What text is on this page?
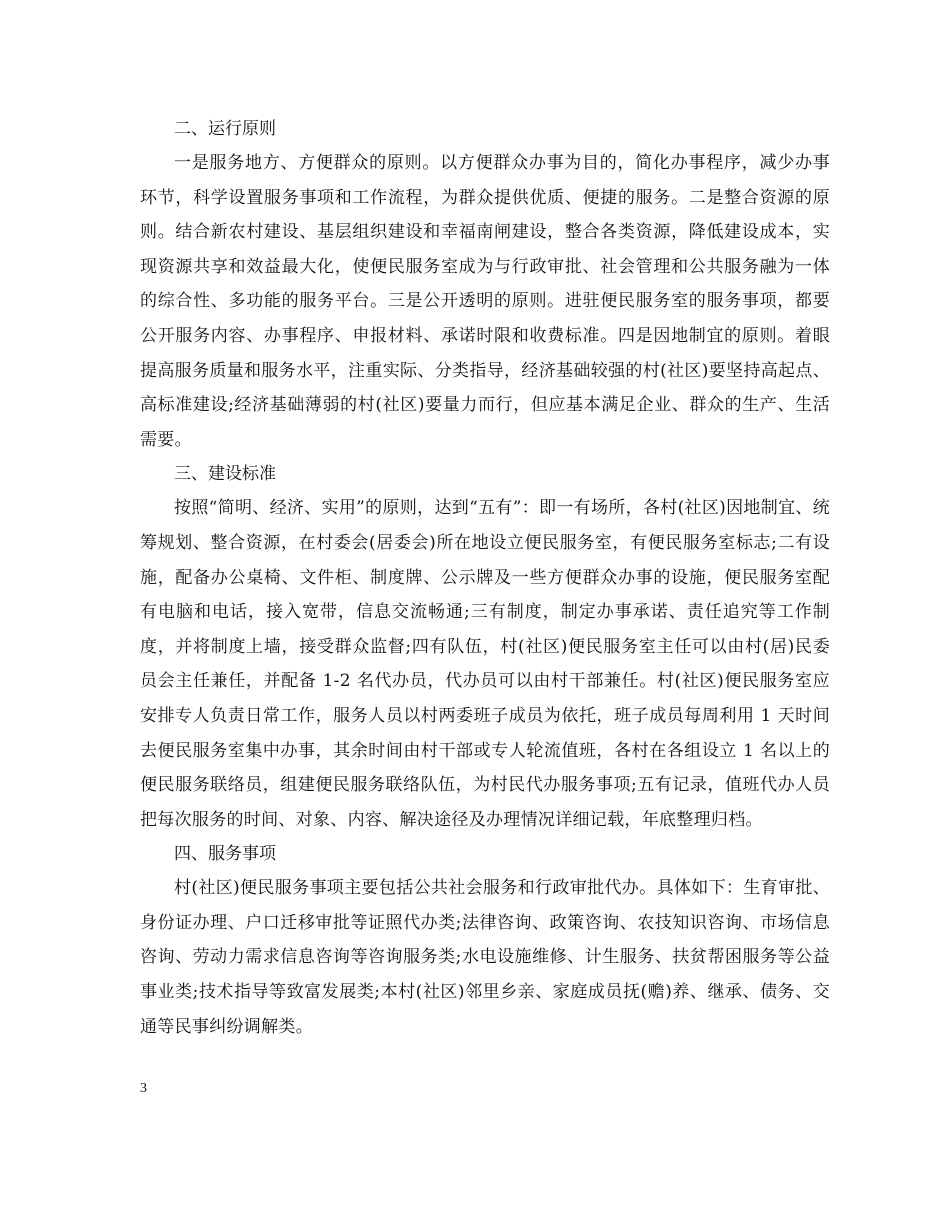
二、运行原则

一是服务地方、方便群众的原则。以方便群众办事为目的，简化办事程序，减少办事环节，科学设置服务事项和工作流程，为群众提供优质、便捷的服务。二是整合资源的原则。结合新农村建设、基层组织建设和幸福南闸建设，整合各类资源，降低建设成本，实现资源共享和效益最大化，使便民服务室成为与行政审批、社会管理和公共服务融为一体的综合性、多功能的服务平台。三是公开透明的原则。进驻便民服务室的服务事项，都要公开服务内容、办事程序、申报材料、承诺时限和收费标准。四是因地制宜的原则。着眼提高服务质量和服务水平，注重实际、分类指导，经济基础较强的村(社区)要坚持高起点、高标准建设;经济基础薄弱的村(社区)要量力而行，但应基本满足企业、群众的生产、生活需要。

三、建设标准

按照“简明、经济、实用”的原则，达到“五有”：即一有场所，各村(社区)因地制宜、统筹规划、整合资源，在村委会(居委会)所在地设立便民服务室，有便民服务室标志;二有设施，配备办公桌椅、文件柜、制度牌、公示牌及一些方便群众办事的设施，便民服务室配有电脑和电话，接入宽带，信息交流畅通;三有制度，制定办事承诺、责任追究等工作制度，并将制度上墙，接受群众监督;四有队伍，村(社区)便民服务室主任可以由村(居)民委员会主任兼任，并配备 1-2 名代办员，代办员可以由村干部兼任。村(社区)便民服务室应安排专人负责日常工作，服务人员以村两委班子成员为依托，班子成员每周利用 1 天时间去便民服务室集中办事，其余时间由村干部或专人轮流值班，各村在各组设立 1 名以上的便民服务联络员，组建便民服务联络队伍，为村民代办服务事项;五有记录，值班代办人员把每次服务的时间、对象、内容、解决途径及办理情况详细记载，年底整理归档。

四、服务事项

村(社区)便民服务事项主要包括公共社会服务和行政审批代办。具体如下：生育审批、身份证办理、户口迁移审批等证照代办类;法律咨询、政策咨询、农技知识咨询、市场信息咨询、劳动力需求信息咨询等咨询服务类;水电设施维修、计生服务、扶贫帮困服务等公益事业类;技术指导等致富发展类;本村(社区)邻里乡亲、家庭成员抚(赡)养、继承、债务、交通等民事纠纷调解类。

3
